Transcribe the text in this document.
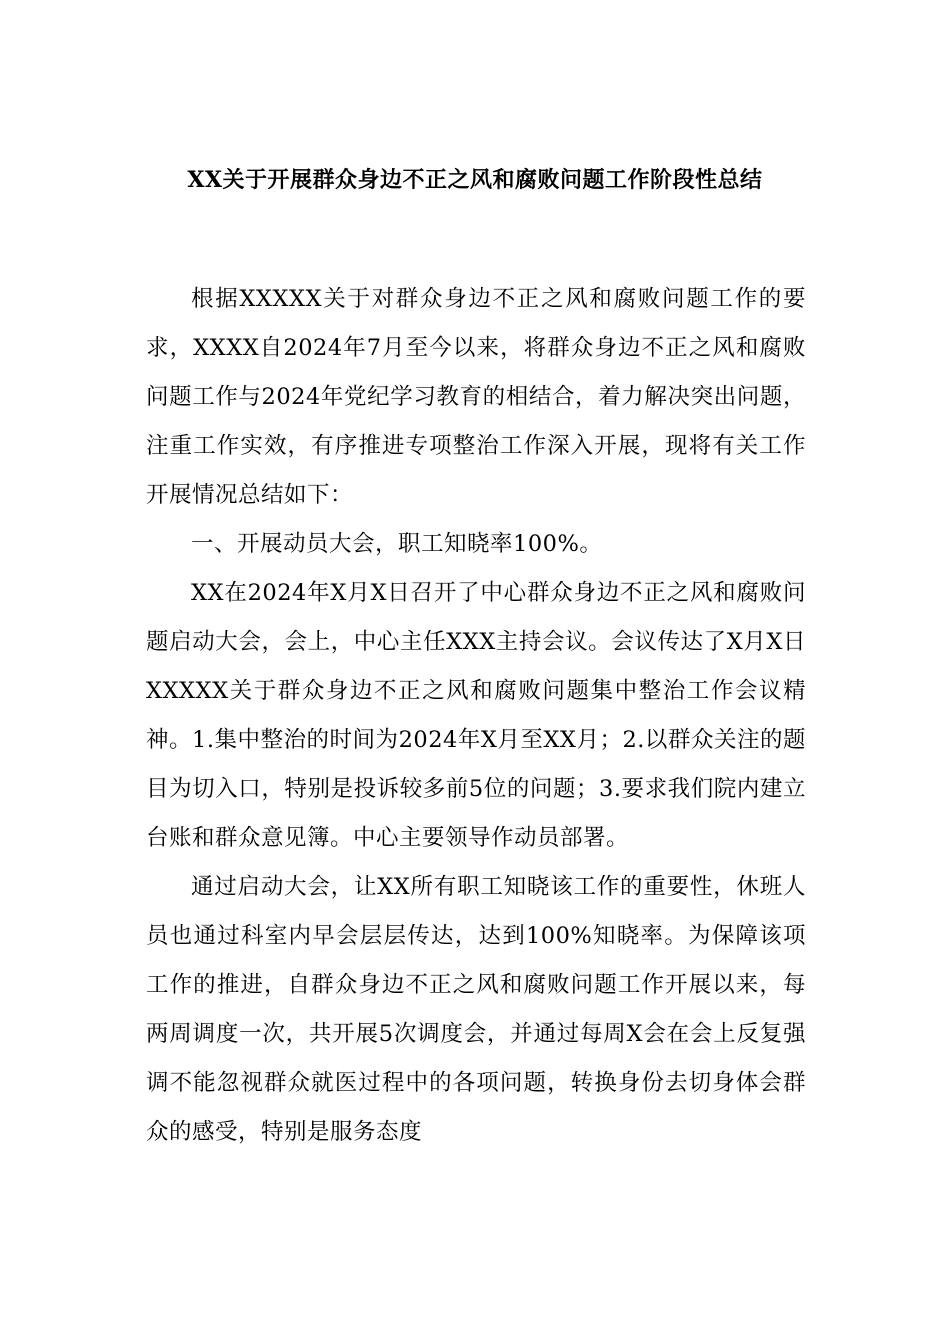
XX关于开展群众身边不正之风和腐败问题工作阶段性总结

根据XXXXX关于对群众身边不正之风和腐败问题工作的要求，XXXX自2024年7月至今以来，将群众身边不正之风和腐败问题工作与2024年党纪学习教育的相结合，着力解决突出问题，注重工作实效，有序推进专项整治工作深入开展，现将有关工作开展情况总结如下：

一、开展动员大会，职工知晓率100%。

XX在2024年X月X日召开了中心群众身边不正之风和腐败问题启动大会，会上，中心主任XXX主持会议。会议传达了X月X日XXXXX关于群众身边不正之风和腐败问题集中整治工作会议精神。1.集中整治的时间为2024年X月至XX月；2.以群众关注的题目为切入口，特别是投诉较多前5位的问题；3.要求我们院内建立台账和群众意见簿。中心主要领导作动员部署。

通过启动大会，让XX所有职工知晓该工作的重要性，休班人员也通过科室内早会层层传达，达到100%知晓率。为保障该项工作的推进，自群众身边不正之风和腐败问题工作开展以来，每两周调度一次，共开展5次调度会，并通过每周X会在会上反复强调不能忽视群众就医过程中的各项问题，转换身份去切身体会群众的感受，特别是服务态度
